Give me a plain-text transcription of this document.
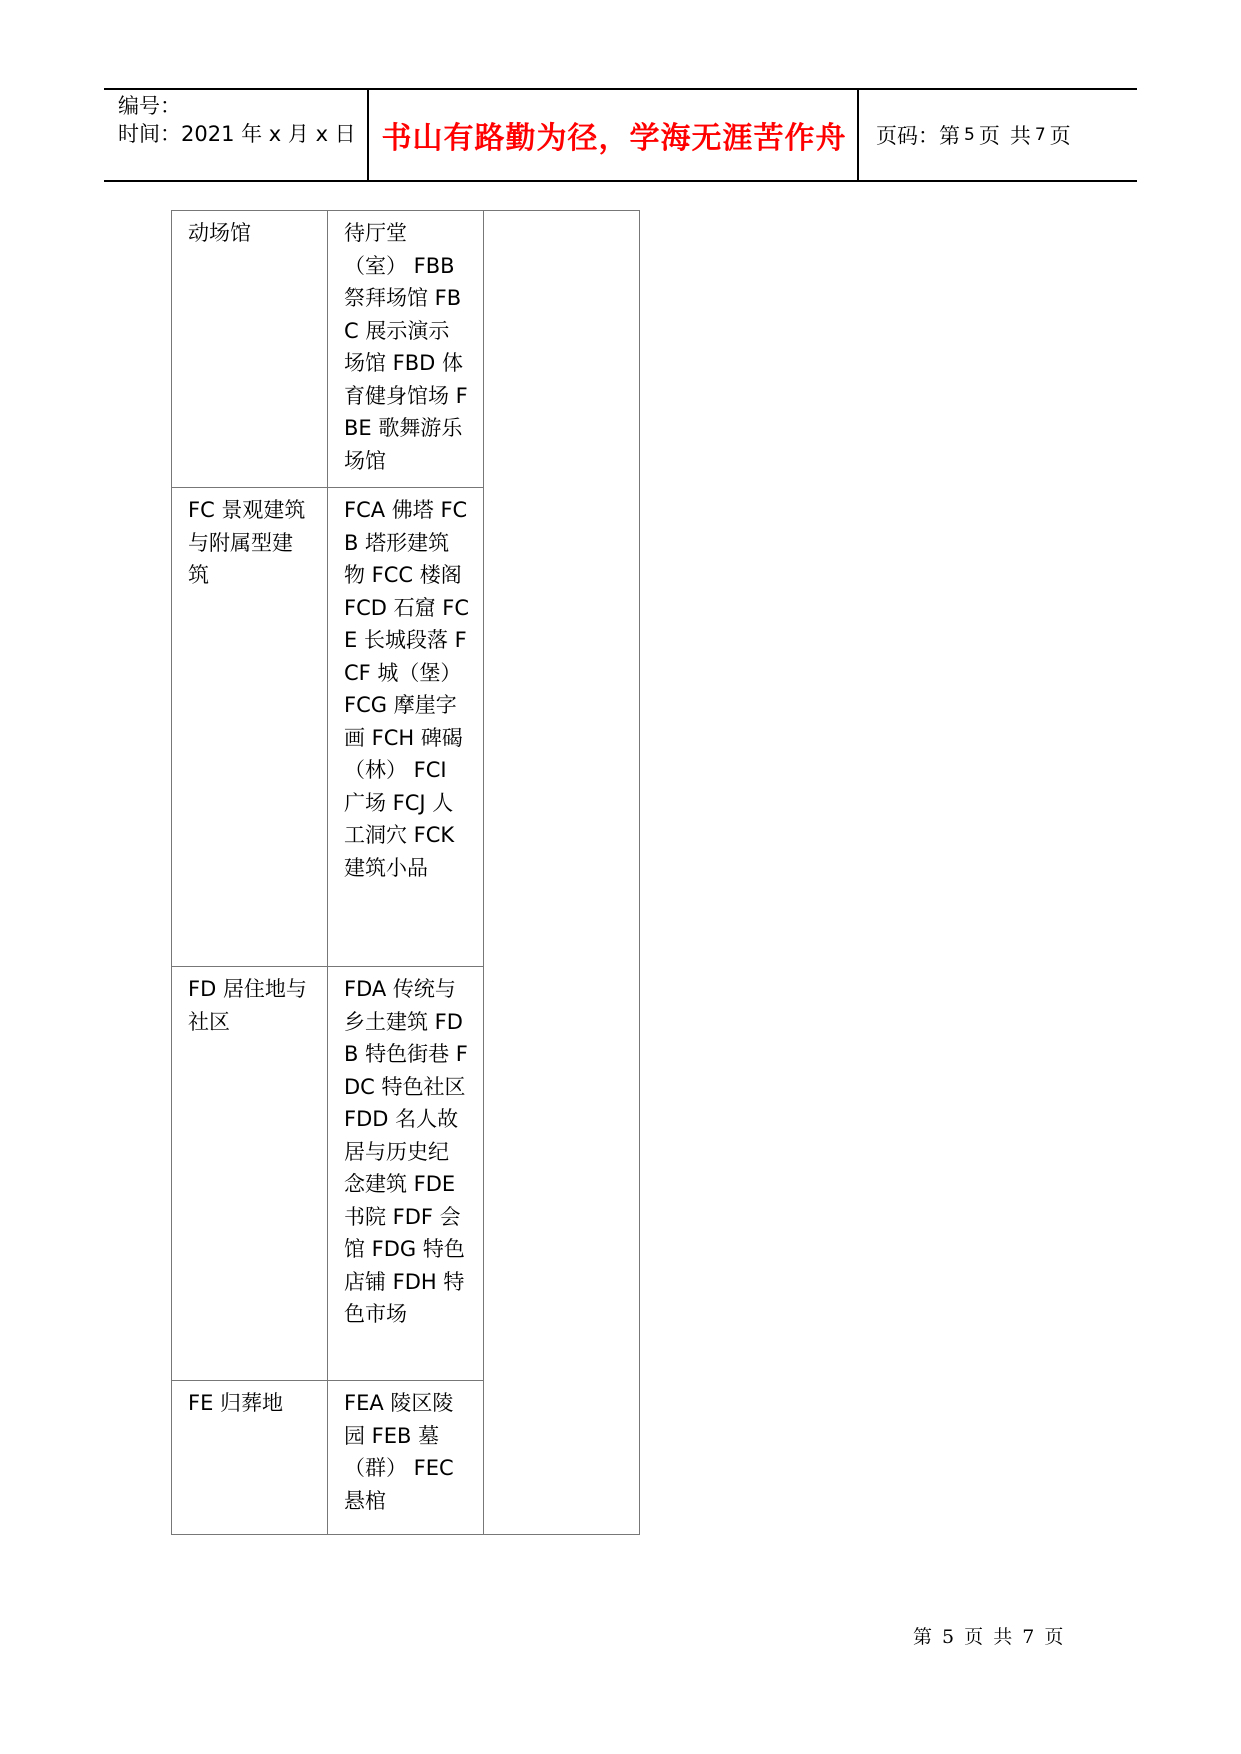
编号：
时间：2021 年 x 月 x 日 书山有路勤为径，学海无涯苦作舟	页码：第 5 页 共 7 页
动场馆	待厅堂（室） FBB 祭拜场馆 FBC 展示演示场馆 FBD 体育健身馆场 FBE 歌舞游乐场馆	
FC 景观建筑与附属型建筑	FCA 佛塔 FCB 塔形建筑物 FCC 楼阁 FCD 石窟 FCE 长城段落 FCF 城（堡） FCG 摩崖字画 FCH 碑碣（林） FCI 广场 FCJ 人工洞穴 FCK 建筑小品	
FD 居住地与社区	FDA 传统与乡土建筑 FDB 特色街巷 FDC 特色社区 FDD 名人故居与历史纪念建筑 FDE 书院 FDF 会馆 FDG 特色店铺 FDH 特色市场	
FE 归葬地	FEA 陵区陵园 FEB 墓（群） FEC 悬棺	
第 5 页 共 7 页
